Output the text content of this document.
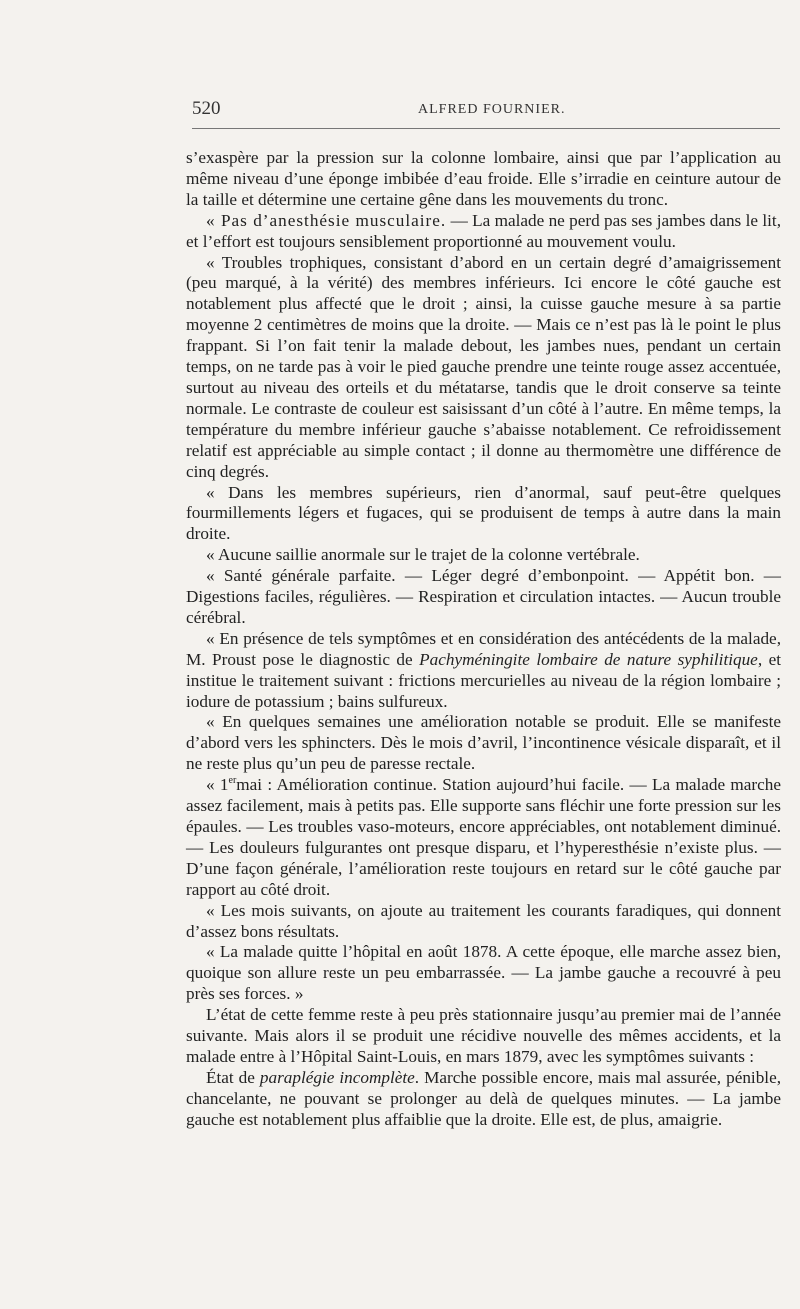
520	ALFRED FOURNIER.

s’exaspère par la pression sur la colonne lombaire, ainsi que par l’application au même niveau d’une éponge imbibée d’eau froide. Elle s’irradie en ceinture autour de la taille et détermine une certaine gêne dans les mouvements du tronc.

« Pas d’anesthésie musculaire. — La malade ne perd pas ses jambes dans le lit, et l’effort est toujours sensiblement proportionné au mouvement voulu.

« Troubles trophiques, consistant d’abord en un certain degré d’amaigrissement (peu marqué, à la vérité) des membres inférieurs. Ici encore le côté gauche est notablement plus affecté que le droit ; ainsi, la cuisse gauche mesure à sa partie moyenne 2 centimètres de moins que la droite. — Mais ce n’est pas là le point le plus frappant. Si l’on fait tenir la malade debout, les jambes nues, pendant un certain temps, on ne tarde pas à voir le pied gauche prendre une teinte rouge assez accentuée, surtout au niveau des orteils et du métatarse, tandis que le droit conserve sa teinte normale. Le contraste de couleur est saisissant d’un côté à l’autre. En même temps, la température du membre inférieur gauche s’abaisse notablement. Ce refroidissement relatif est appréciable au simple contact ; il donne au thermomètre une différence de cinq degrés.

« Dans les membres supérieurs, rien d’anormal, sauf peut-être quelques fourmillements légers et fugaces, qui se produisent de temps à autre dans la main droite.

« Aucune saillie anormale sur le trajet de la colonne vertébrale.

« Santé générale parfaite. — Léger degré d’embonpoint. — Appétit bon. — Digestions faciles, régulières. — Respiration et circulation intactes. — Aucun trouble cérébral.

« En présence de tels symptômes et en considération des antécédents de la malade, M. Proust pose le diagnostic de Pachyméningite lombaire de nature syphilitique, et institue le traitement suivant : frictions mercurielles au niveau de la région lombaire ; iodure de potassium ; bains sulfureux.

« En quelques semaines une amélioration notable se produit. Elle se manifeste d’abord vers les sphincters. Dès le mois d’avril, l’incontinence vésicale disparaît, et il ne reste plus qu’un peu de paresse rectale.

« 1ermai : Amélioration continue. Station aujourd’hui facile. — La malade marche assez facilement, mais à petits pas. Elle supporte sans fléchir une forte pression sur les épaules. — Les troubles vaso-moteurs, encore appréciables, ont notablement diminué. — Les douleurs fulgurantes ont presque disparu, et l’hyperesthésie n’existe plus. — D’une façon générale, l’amélioration reste toujours en retard sur le côté gauche par rapport au côté droit.

« Les mois suivants, on ajoute au traitement les courants faradiques, qui donnent d’assez bons résultats.

« La malade quitte l’hôpital en août 1878. A cette époque, elle marche assez bien, quoique son allure reste un peu embarrassée. — La jambe gauche a recouvré à peu près ses forces. »

L’état de cette femme reste à peu près stationnaire jusqu’au premier mai de l’année suivante. Mais alors il se produit une récidive nouvelle des mêmes accidents, et la malade entre à l’Hôpital Saint-Louis, en mars 1879, avec les symptômes suivants :

État de paraplégie incomplète. Marche possible encore, mais mal assurée, pénible, chancelante, ne pouvant se prolonger au delà de quelques minutes. — La jambe gauche est notablement plus affaiblie que la droite. Elle est, de plus, amaigrie.
